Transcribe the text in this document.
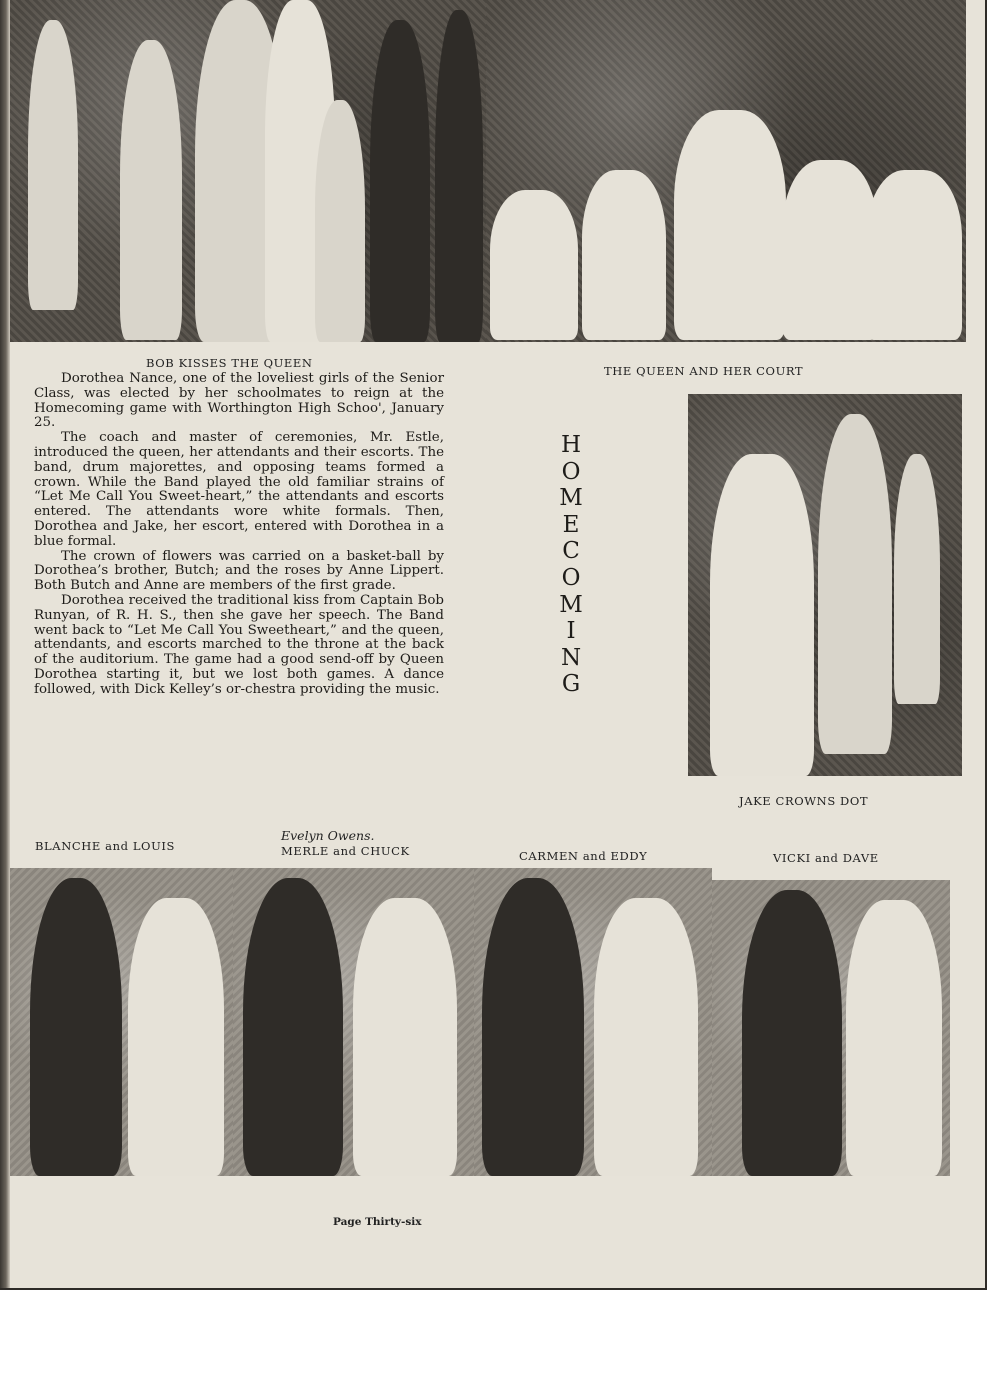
BOB KISSES THE QUEEN
THE QUEEN AND HER COURT

Dorothea Nance, one of the loveliest girls of the Senior Class, was elected by her schoolmates to reign at the Homecoming game with Worthington High Schoo', January 25.

The coach and master of ceremonies, Mr. Estle, introduced the queen, her attendants and their escorts. The band, drum majorettes, and opposing teams formed a crown. While the Band played the old familiar strains of “Let Me Call You Sweet-heart,” the attendants and escorts entered. The attendants wore white formals. Then, Dorothea and Jake, her escort, entered with Dorothea in a blue formal.

The crown of flowers was carried on a basket-ball by Dorothea’s brother, Butch; and the roses by Anne Lippert. Both Butch and Anne are members of the first grade.

Dorothea received the traditional kiss from Captain Bob Runyan, of R. H. S., then she gave her speech. The Band went back to “Let Me Call You Sweetheart,” and the queen, attendants, and escorts marched to the throne at the back of the auditorium. The game had a good send-off by Queen Dorothea starting it, but we lost both games. A dance followed, with Dick Kelley’s or-chestra providing the music.

Evelyn Owens.
H
O
M
E
C
O
M
I
N
G
JAKE CROWNS DOT
BLANCHE and LOUIS	MERLE and CHUCK	CARMEN and EDDY	VICKI and DAVE
Page Thirty-six
